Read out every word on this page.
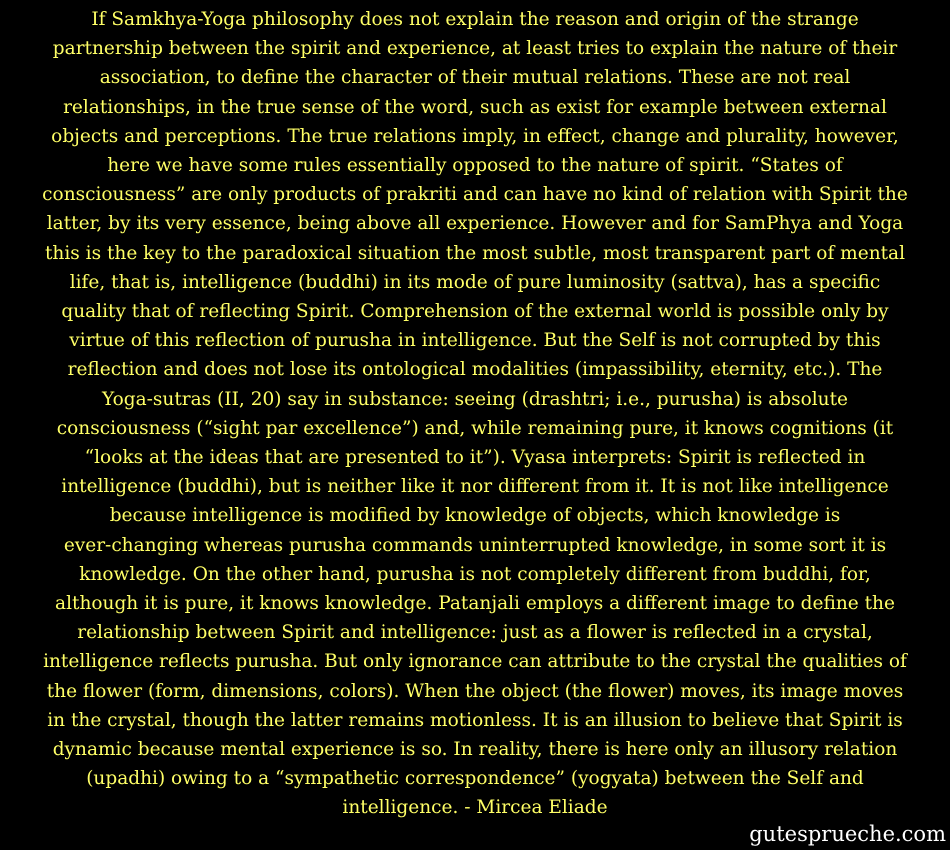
If Samkhya-Yoga philosophy does not explain the reason and origin of the strange
partnership between the spirit and experience, at least tries to explain the nature of their
association, to define the character of their mutual relations. These are not real
relationships, in the true sense of the word, such as exist for example between external
objects and perceptions. The true relations imply, in effect, change and plurality, however,
here we have some rules essentially opposed to the nature of spirit. “States of
consciousness” are only products of prakriti and can have no kind of relation with Spirit the
latter, by its very essence, being above all experience. However and for SamPhya and Yoga
this is the key to the paradoxical situation the most subtle, most transparent part of mental
life, that is, intelligence (buddhi) in its mode of pure luminosity (sattva), has a specific
quality that of reflecting Spirit. Comprehension of the external world is possible only by
virtue of this reflection of purusha in intelligence. But the Self is not corrupted by this
reflection and does not lose its ontological modalities (impassibility, eternity, etc.). The
Yoga-sutras (II, 20) say in substance: seeing (drashtri; i.e., purusha) is absolute
consciousness (“sight par excellence”) and, while remaining pure, it knows cognitions (it
“looks at the ideas that are presented to it”). Vyasa interprets: Spirit is reflected in
intelligence (buddhi), but is neither like it nor different from it. It is not like intelligence
because intelligence is modified by knowledge of objects, which knowledge is
ever-changing whereas purusha commands uninterrupted knowledge, in some sort it is
knowledge. On the other hand, purusha is not completely different from buddhi, for,
although it is pure, it knows knowledge. Patanjali employs a different image to define the
relationship between Spirit and intelligence: just as a flower is reflected in a crystal,
intelligence reflects purusha. But only ignorance can attribute to the crystal the qualities of
the flower (form, dimensions, colors). When the object (the flower) moves, its image moves
in the crystal, though the latter remains motionless. It is an illusion to believe that Spirit is
dynamic because mental experience is so. In reality, there is here only an illusory relation
(upadhi) owing to a “sympathetic correspondence” (yogyata) between the Self and
intelligence. - Mircea Eliade
gutesprueche.com
